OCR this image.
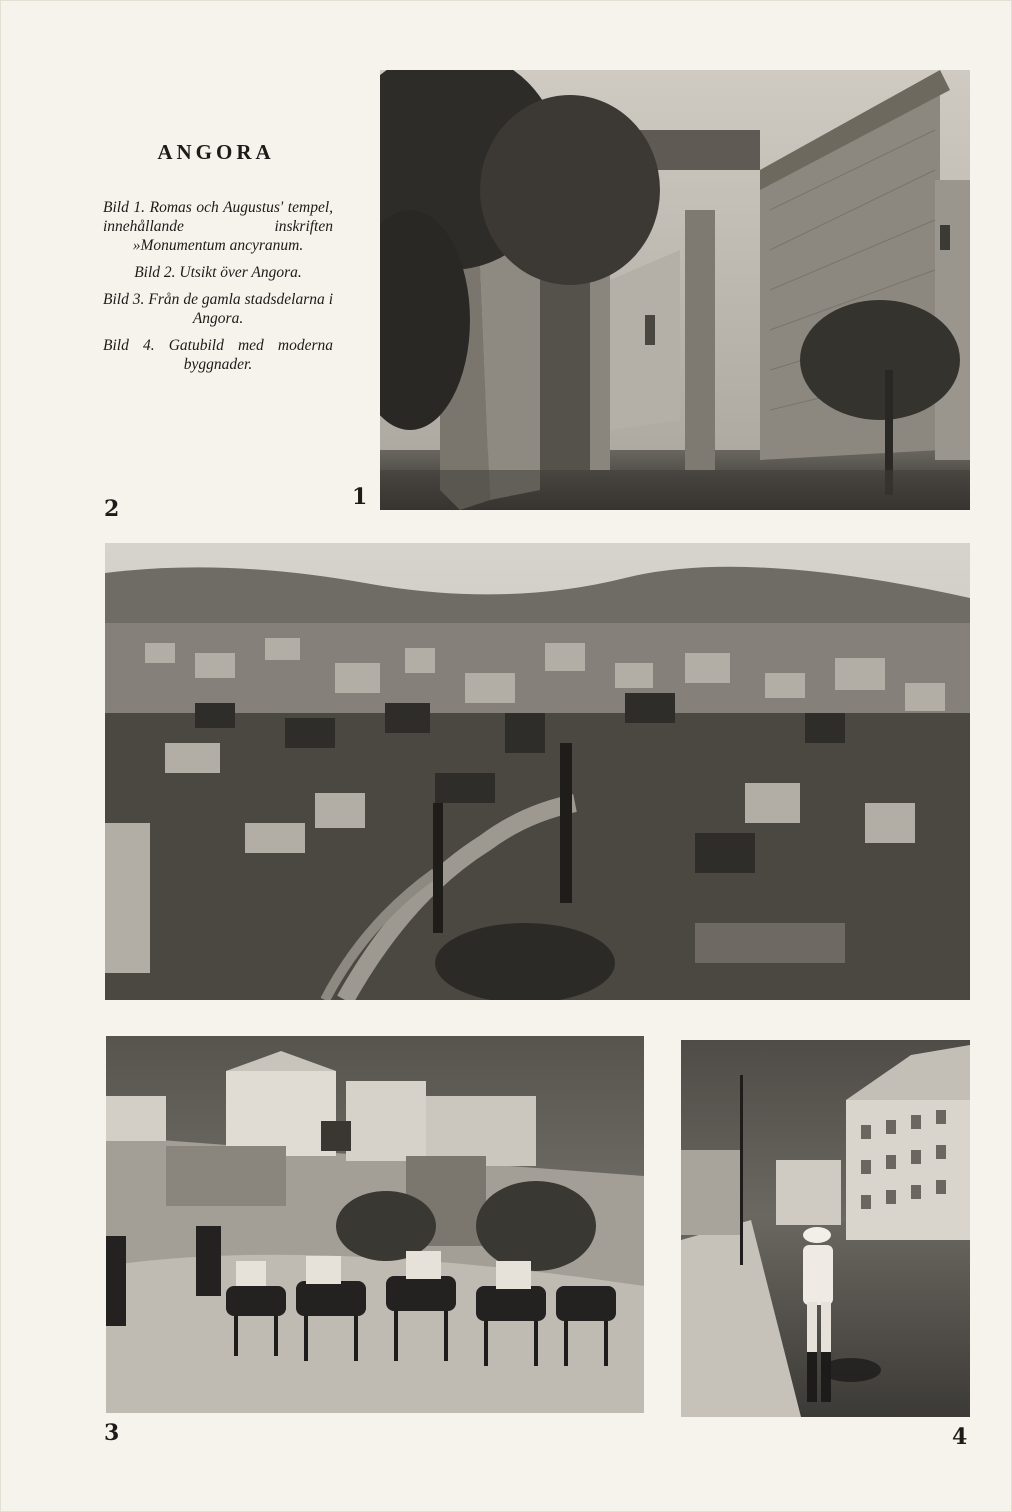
ANGORA

Bild 1. Romas och Augustus' tempel, innehållande inskriften »Monumentum ancyranum.

Bild 2. Utsikt över Angora.

Bild 3. Från de gamla stadsdelarna i Angora.

Bild 4. Gatubild med moderna byggnader.

1
2
3	4
